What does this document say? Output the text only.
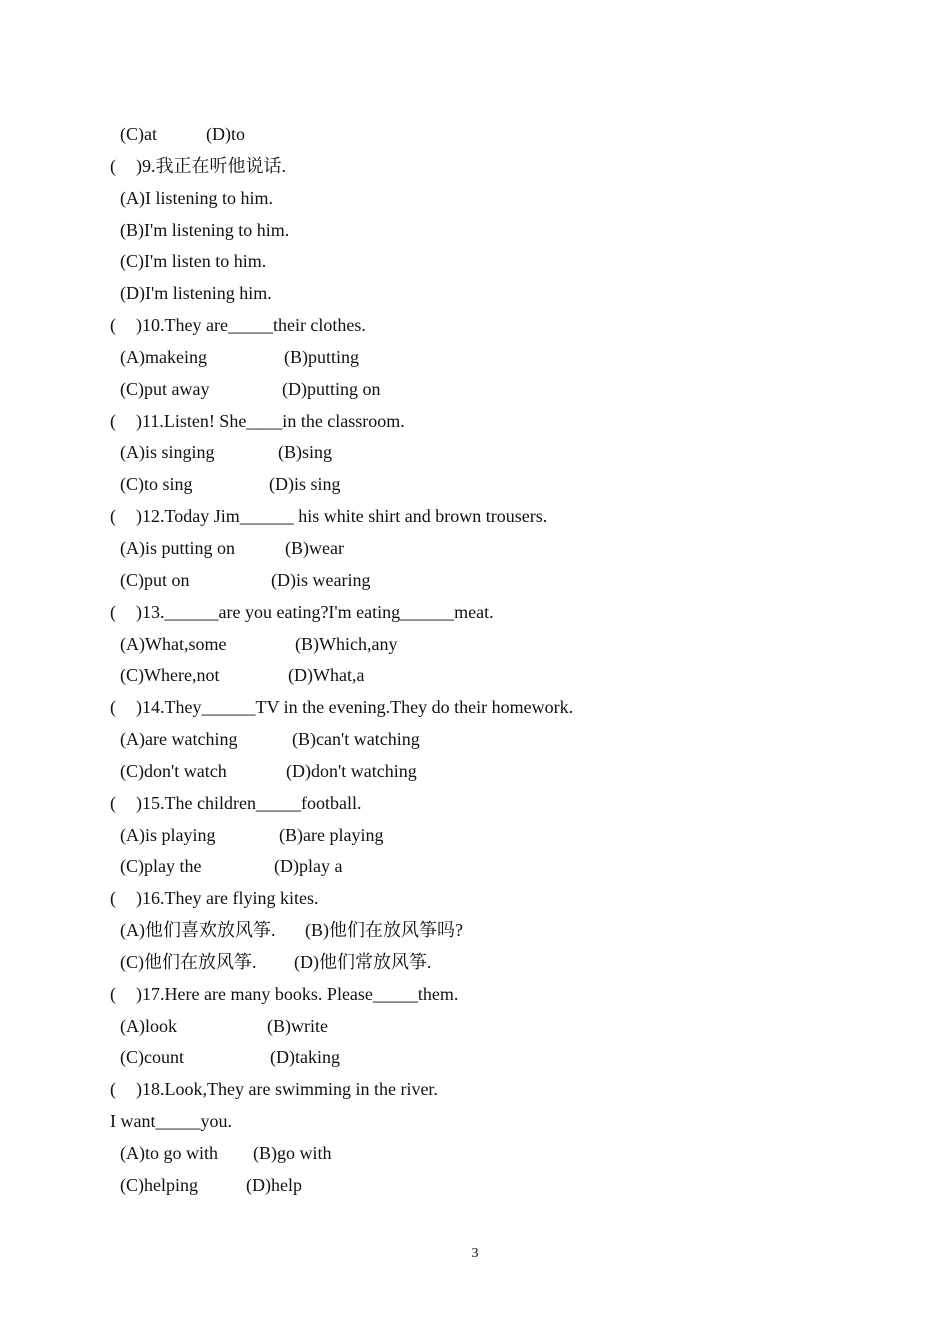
(C)at	(D)to
( )9.我正在听他说话.
(A)I listening to him.
(B)I'm listening to him.
(C)I'm listen to him.
(D)I'm listening him.
( )10.They are_____their clothes.
(A)makeing	(B)putting
(C)put away	(D)putting on
( )11.Listen! She____in the classroom.
(A)is singing	(B)sing
(C)to sing	(D)is sing
( )12.Today Jim______ his white shirt and brown trousers.
(A)is putting on	(B)wear
(C)put on	(D)is wearing
( )13.______are you eating?I'm eating______meat.
(A)What,some	(B)Which,any
(C)Where,not	(D)What,a
( )14.They______TV in the evening.They do their homework.
(A)are watching	(B)can't watching
(C)don't watch	(D)don't watching
( )15.The children_____football.
(A)is playing	(B)are playing
(C)play the	(D)play a
( )16.They are flying kites.
(A)他们喜欢放风筝. (B)他们在放风筝吗?
(C)他们在放风筝. (D)他们常放风筝.
( )17.Here are many books. Please_____them.
(A)look	(B)write
(C)count	(D)taking
( )18.Look,They are swimming in the river.
I want_____you.
(A)to go with (B)go with
(C)helping	(D)help
3
